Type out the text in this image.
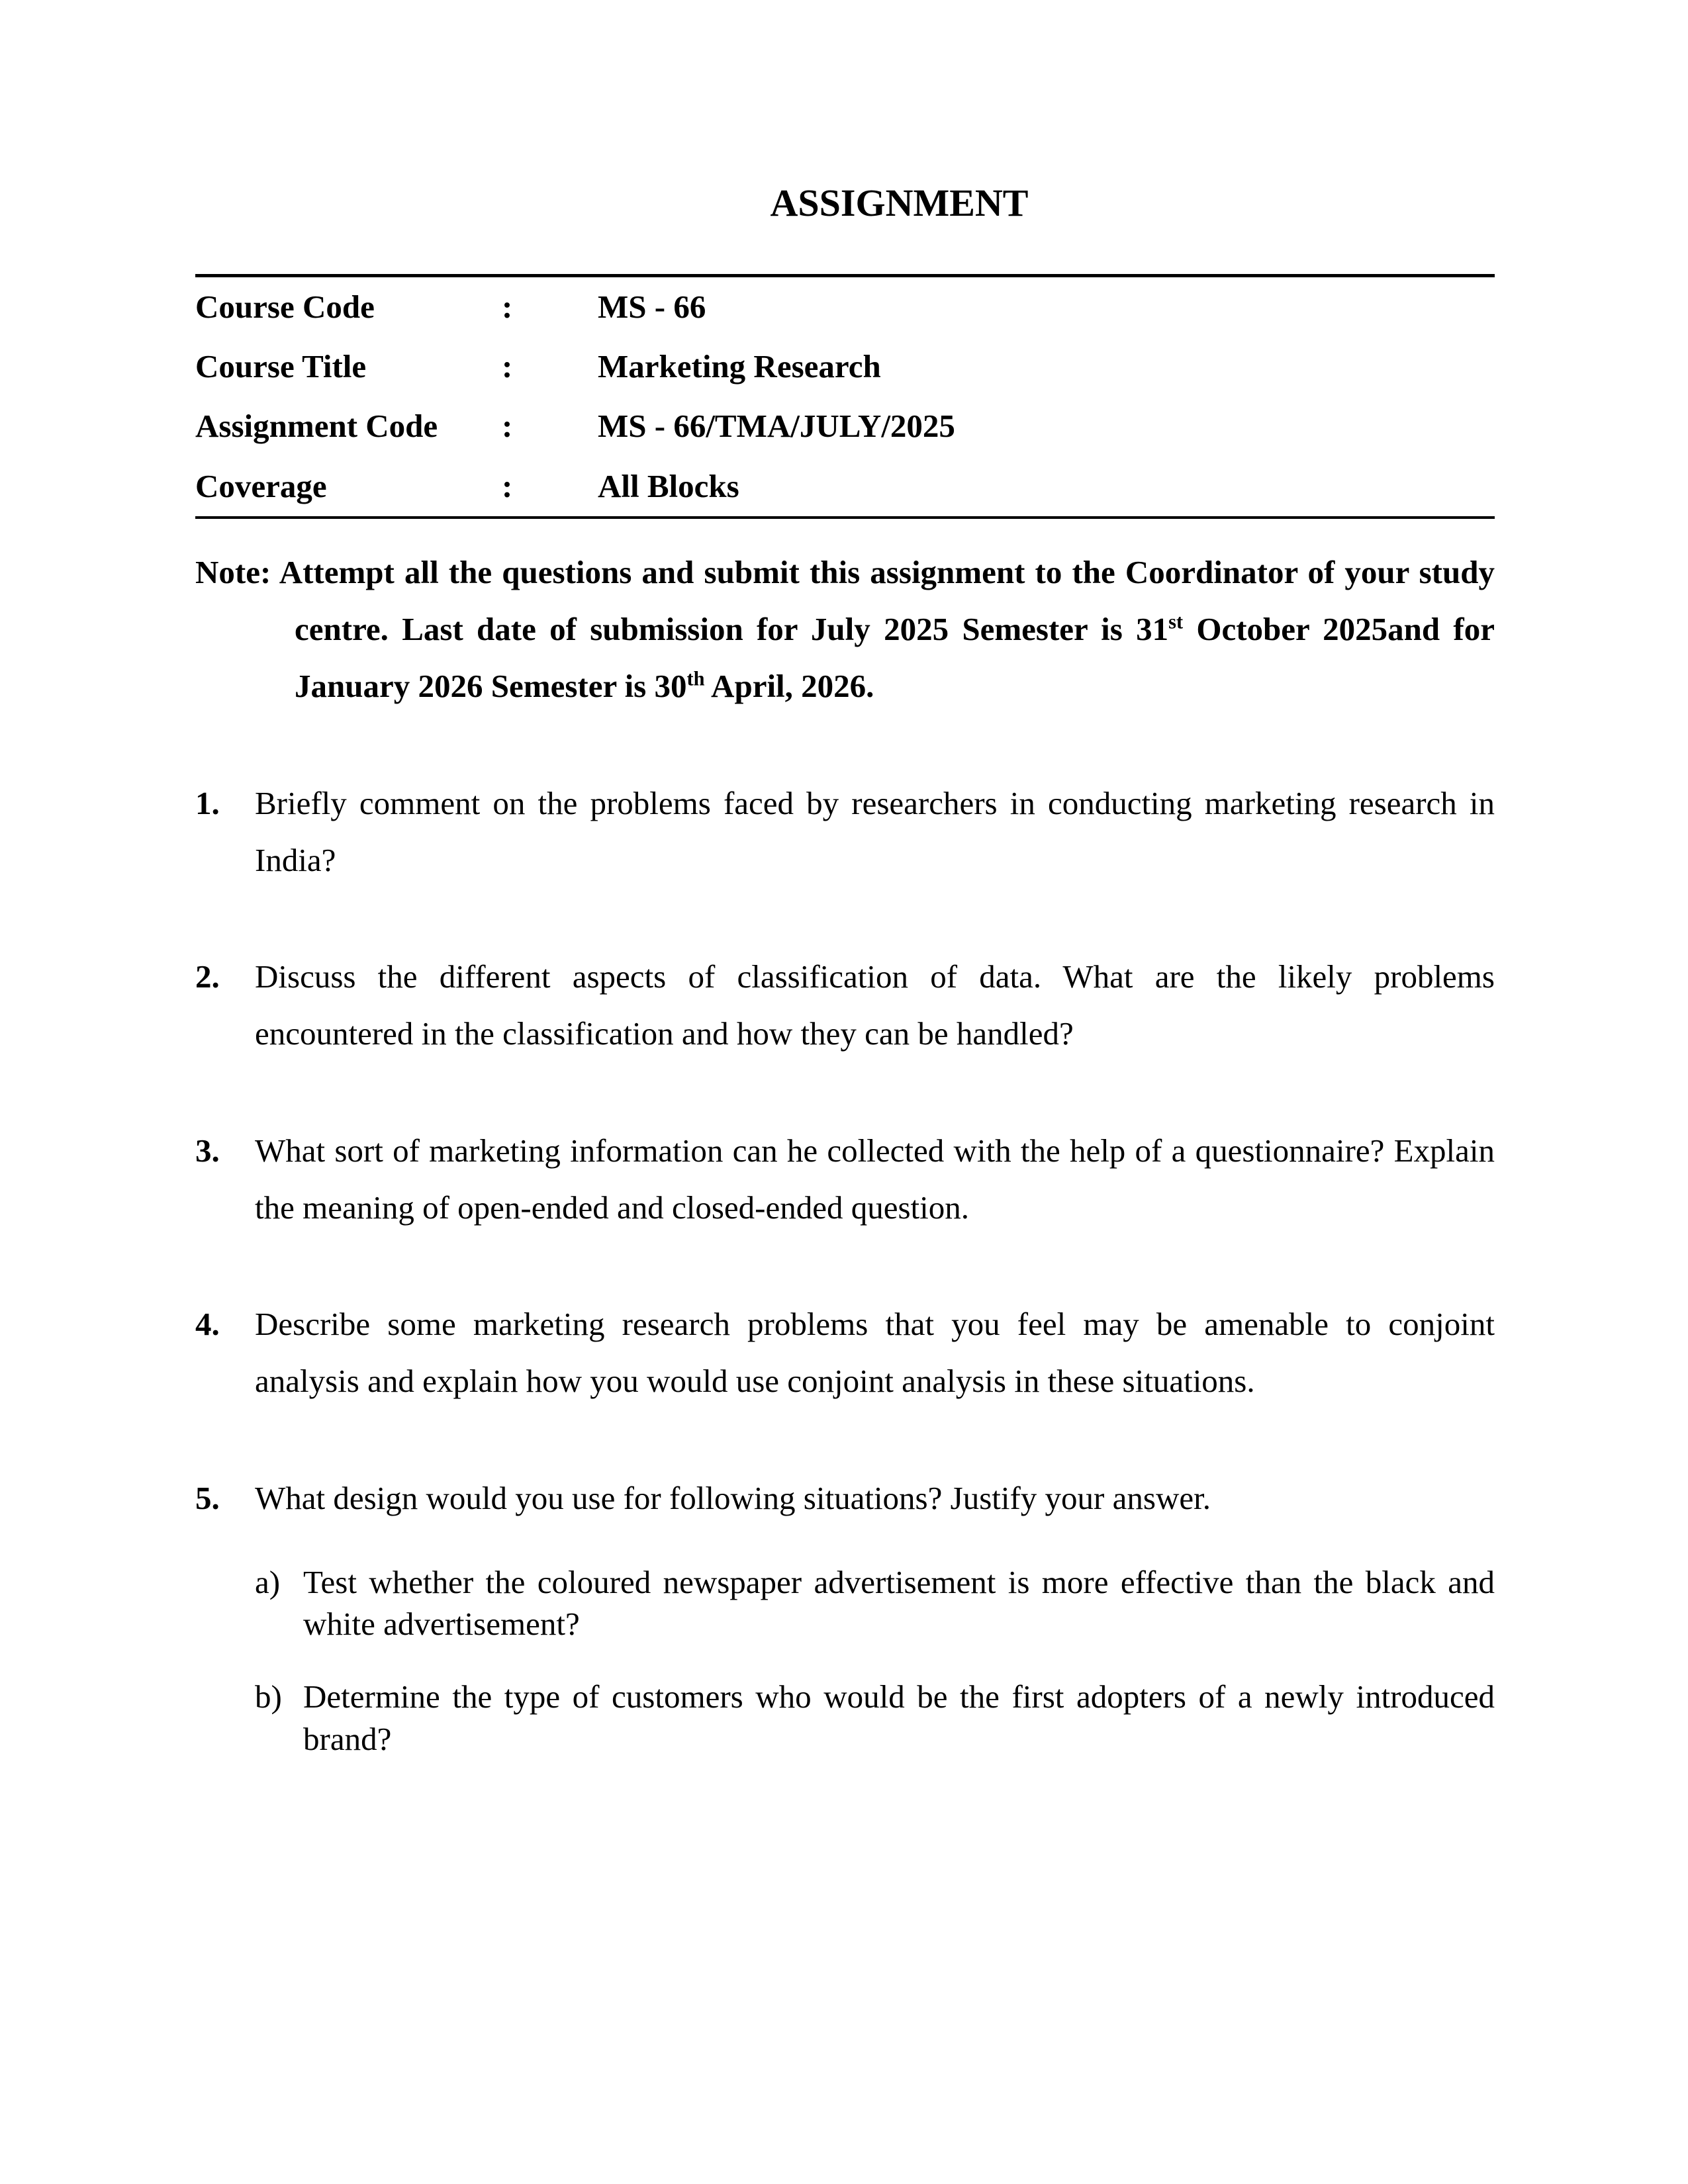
ASSIGNMENT
Course Code	:	MS - 66
Course Title	:	Marketing Research
Assignment Code	:	MS - 66/TMA/JULY/2025
Coverage	:	All Blocks

Note: Attempt all the questions and submit this assignment to the Coordinator of your study centre. Last date of submission for July 2025 Semester is 31st October 2025and for January 2026 Semester is 30th April, 2026.

1. Briefly comment on the problems faced by researchers in conducting marketing research in India?

2. Discuss the different aspects of classification of data. What are the likely problems encountered in the classification and how they can be handled?

3. What sort of marketing information can he collected with the help of a questionnaire? Explain the meaning of open-ended and closed-ended question.

4. Describe some marketing research problems that you feel may be amenable to conjoint analysis and explain how you would use conjoint analysis in these situations.

5. What design would you use for following situations? Justify your answer.

a) Test whether the coloured newspaper advertisement is more effective than the black and white advertisement?

b) Determine the type of customers who would be the first adopters of a newly introduced brand?
